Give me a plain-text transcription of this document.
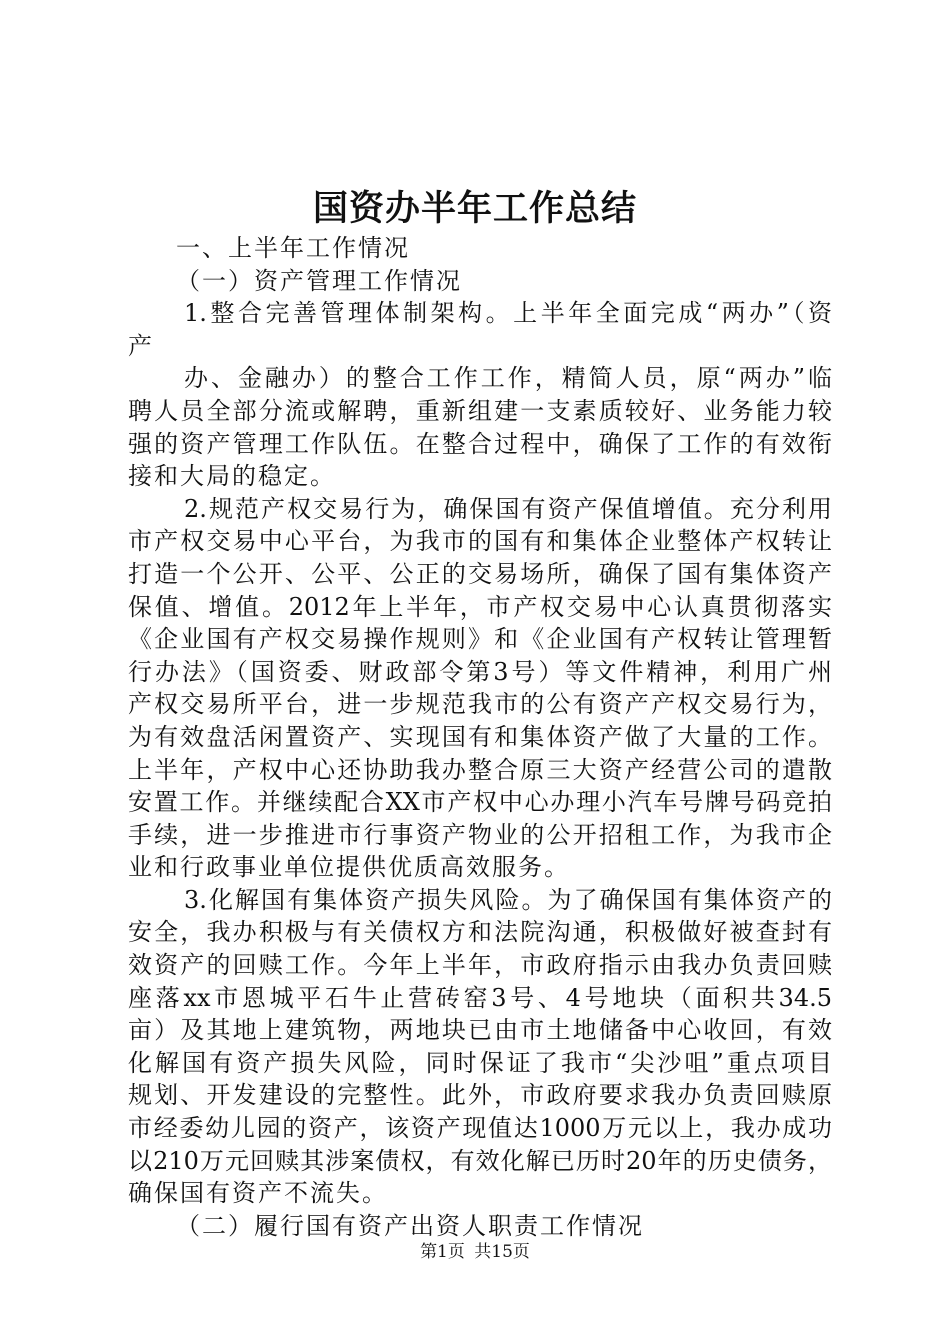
国资办半年工作总结
一、上半年工作情况
（一）资产管理工作情况
1.整合完善管理体制架构。上半年全面完成“两办”（资
产
办、金融办）的整合工作工作，精简人员，原“两办”临
聘人员全部分流或解聘，重新组建一支素质较好、业务能力较
强的资产管理工作队伍。在整合过程中，确保了工作的有效衔
接和大局的稳定。
2.规范产权交易行为，确保国有资产保值增值。充分利用
市产权交易中心平台，为我市的国有和集体企业整体产权转让
打造一个公开、公平、公正的交易场所，确保了国有集体资产
保值、增值。2012年上半年，市产权交易中心认真贯彻落实
《企业国有产权交易操作规则》和《企业国有产权转让管理暂
行办法》（国资委、财政部令第3号）等文件精神，利用广州
产权交易所平台，进一步规范我市的公有资产产权交易行为，
为有效盘活闲置资产、实现国有和集体资产做了大量的工作。
上半年，产权中心还协助我办整合原三大资产经营公司的遣散
安置工作。并继续配合XX市产权中心办理小汽车号牌号码竞拍
手续，进一步推进市行事资产物业的公开招租工作，为我市企
业和行政事业单位提供优质高效服务。
3.化解国有集体资产损失风险。为了确保国有集体资产的
安全，我办积极与有关债权方和法院沟通，积极做好被查封有
效资产的回赎工作。今年上半年，市政府指示由我办负责回赎
座落xx市恩城平石牛止营砖窑3号、4号地块（面积共34.5
亩）及其地上建筑物，两地块已由市土地储备中心收回，有效
化解国有资产损失风险，同时保证了我市“尖沙咀”重点项目
规划、开发建设的完整性。此外，市政府要求我办负责回赎原
市经委幼儿园的资产，该资产现值达1000万元以上，我办成功
以210万元回赎其涉案债权，有效化解已历时20年的历史债务，
确保国有资产不流失。
（二）履行国有资产出资人职责工作情况
第1页 共15页
